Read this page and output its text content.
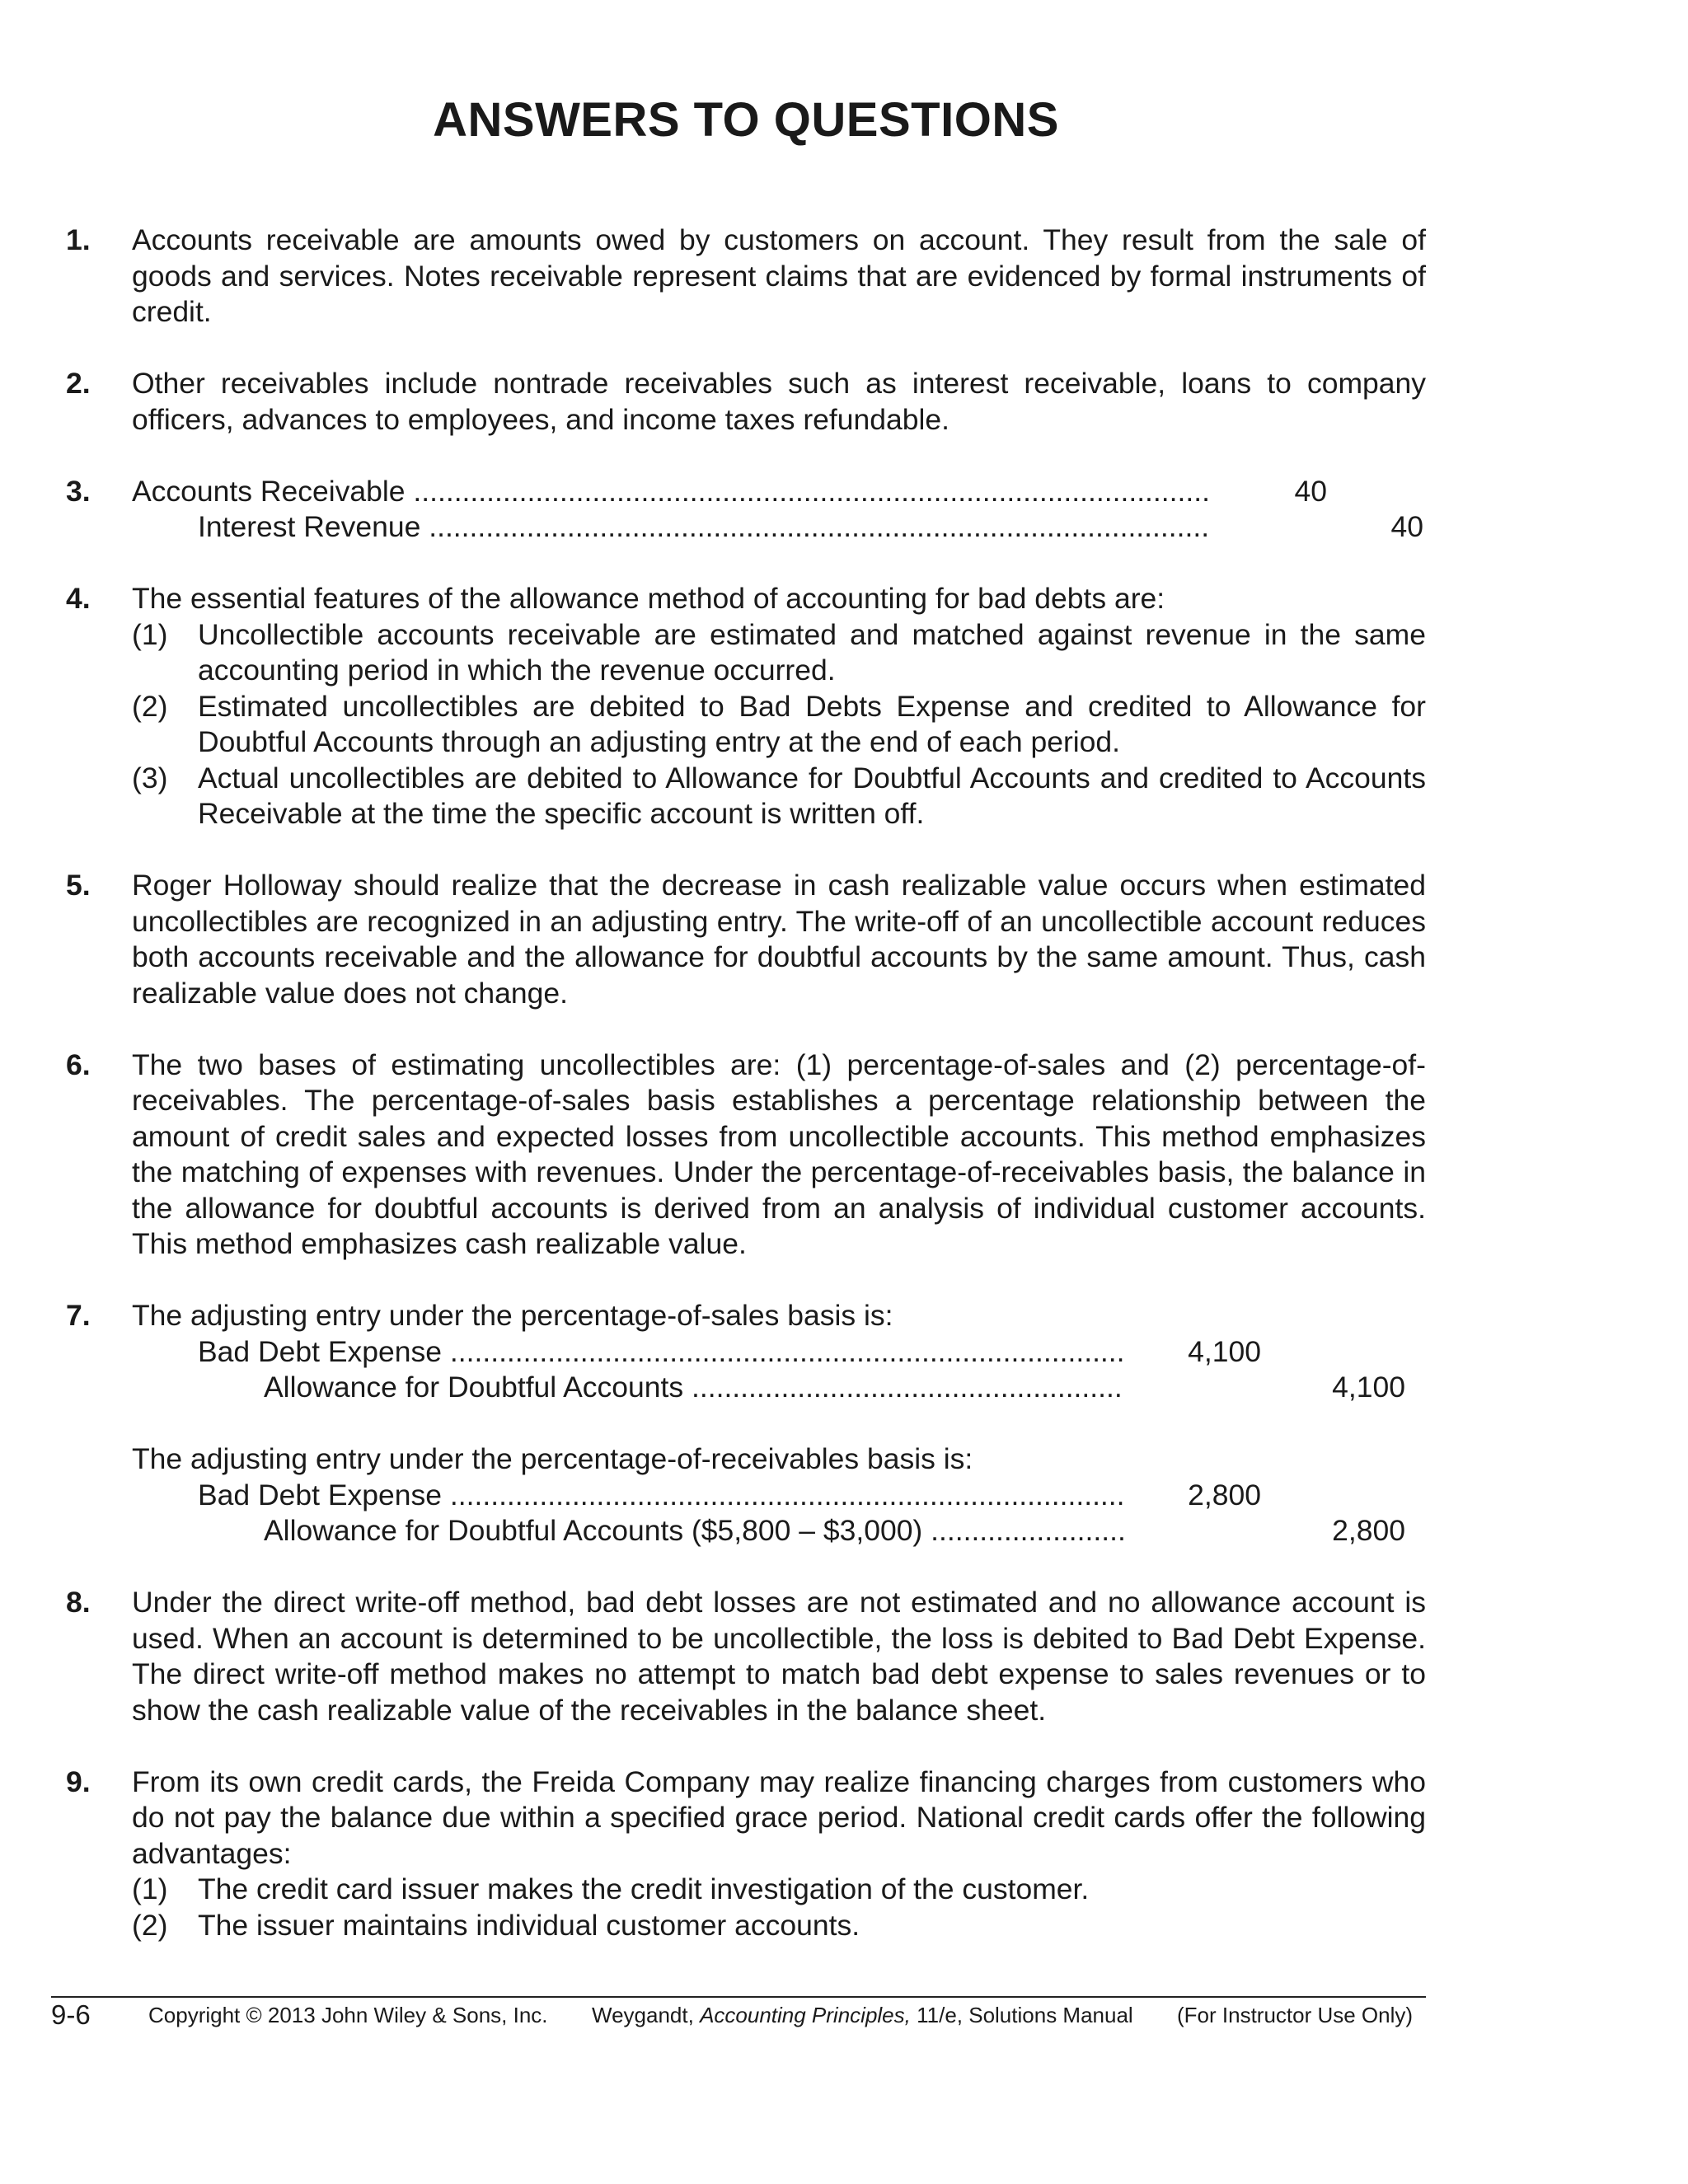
ANSWERS TO QUESTIONS
1. Accounts receivable are amounts owed by customers on account. They result from the sale of goods and services. Notes receivable represent claims that are evidenced by formal instruments of credit.

2. Other receivables include nontrade receivables such as interest receivable, loans to company officers, advances to employees, and income taxes refundable.

3. Accounts Receivable .....	40
Interest Revenue .....	40
4. The essential features of the allowance method of accounting for bad debts are:

(1) Uncollectible accounts receivable are estimated and matched against revenue in the same accounting period in which the revenue occurred.

(2) Estimated uncollectibles are debited to Bad Debts Expense and credited to Allowance for Doubtful Accounts through an adjusting entry at the end of each period.

(3) Actual uncollectibles are debited to Allowance for Doubtful Accounts and credited to Accounts Receivable at the time the specific account is written off.

5. Roger Holloway should realize that the decrease in cash realizable value occurs when estimated uncollectibles are recognized in an adjusting entry. The write-off of an uncollectible account reduces both accounts receivable and the allowance for doubtful accounts by the same amount. Thus, cash realizable value does not change.

6. The two bases of estimating uncollectibles are: (1) percentage-of-sales and (2) percentage-of-receivables. The percentage-of-sales basis establishes a percentage relationship between the amount of credit sales and expected losses from uncollectible accounts. This method emphasizes the matching of expenses with revenues. Under the percentage-of-receivables basis, the balance in the allowance for doubtful accounts is derived from an analysis of individual customer accounts. This method emphasizes cash realizable value.

7. The adjusting entry under the percentage-of-sales basis is:

Bad Debt Expense .....	4,100
Allowance for Doubtful Accounts .....	4,100

The adjusting entry under the percentage-of-receivables basis is:

Bad Debt Expense .....	2,800
Allowance for Doubtful Accounts ($5,800 – $3,000) .....	2,800
8. Under the direct write-off method, bad debt losses are not estimated and no allowance account is used. When an account is determined to be uncollectible, the loss is debited to Bad Debt Expense. The direct write-off method makes no attempt to match bad debt expense to sales revenues or to show the cash realizable value of the receivables in the balance sheet.

9. From its own credit cards, the Freida Company may realize financing charges from customers who do not pay the balance due within a specified grace period. National credit cards offer the following advantages:

(1) The credit card issuer makes the credit investigation of the customer.

(2) The issuer maintains individual customer accounts.

9-6	Copyright © 2013 John Wiley & Sons, Inc. Weygandt, Accounting Principles, 11/e, Solutions Manual (For Instructor Use Only)
